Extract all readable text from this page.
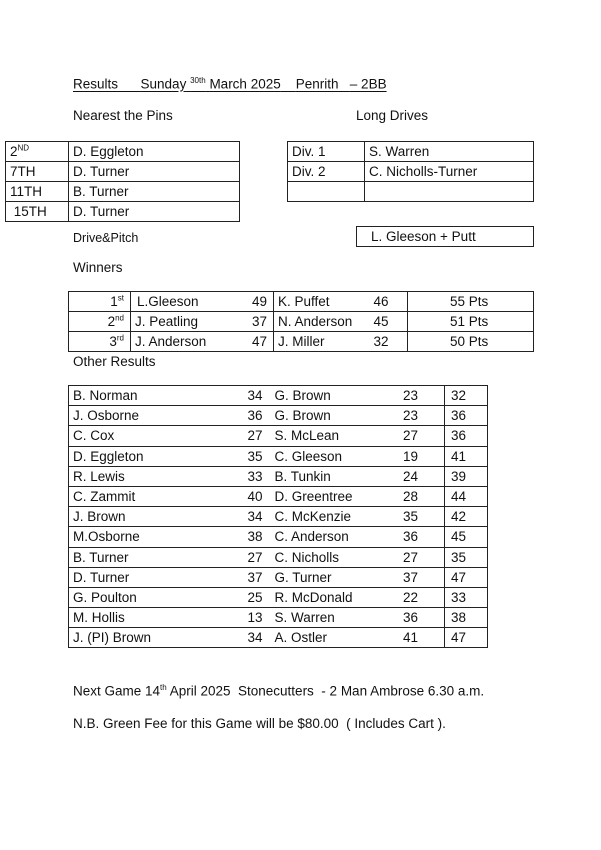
Results Sunday $^{30th}$ March 2025 Penrith – 2BB
Nearest the Pins	Long Drives
2ND	D. Eggleton
7TH	D. Turner
11TH	B. Turner
15TH	D. Turner
Div. 1	S. Warren
Div. 2	C. Nicholls-Turner

Drive&Pitch	L. Gleeson + Putt
Winners
1st	L.Gleeson	49	K. Puffet	46	55 Pts
2nd	J. Peatling	37	N. Anderson	45	51 Pts
3rd	J. Anderson	47	J. Miller	32	50 Pts
Other Results
B. Norman	34	G. Brown	23	32
J. Osborne	36	G. Brown	23	36
C. Cox	27	S. McLean	27	36
D. Eggleton	35	C. Gleeson	19	41
R. Lewis	33	B. Tunkin	24	39
C. Zammit	40	D. Greentree	28	44
J. Brown	34	C. McKenzie	35	42
M.Osborne	38	C. Anderson	36	45
B. Turner	27	C. Nicholls	27	35
D. Turner	37	G. Turner	37	47
G. Poulton	25	R. McDonald	22	33
M. Hollis	13	S. Warren	36	38
J. (PI) Brown	34	A. Ostler	41	47
Next Game 14th April 2025  Stonecutters  - 2 Man Ambrose 6.30 a.m.
N.B. Green Fee for this Game will be $80.00  ( Includes Cart ).
